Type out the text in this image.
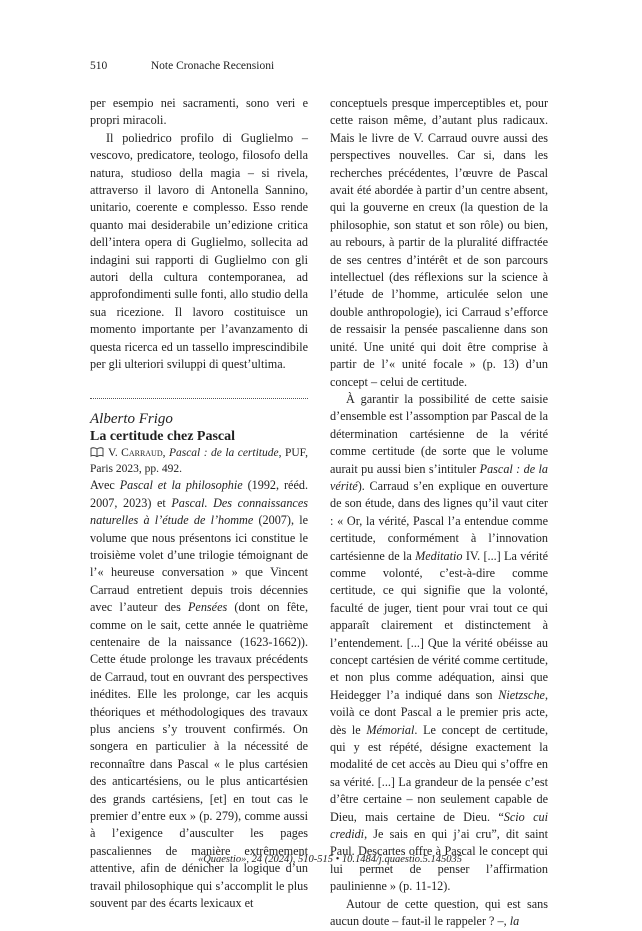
510	Note Cronache Recensioni

per esempio nei sacramenti, sono veri e propri miracoli.

Il poliedrico profilo di Guglielmo – vescovo, predicatore, teologo, filosofo della natura, studioso della magia – si rivela, attraverso il lavoro di Antonella Sannino, unitario, coerente e complesso. Esso rende quanto mai desiderabile un’edizione critica dell’intera opera di Guglielmo, sollecita ad indagini sui rapporti di Guglielmo con gli autori della cultura contemporanea, ad approfondimenti sulle fonti, allo studio della sua ricezione. Il lavoro costituisce un momento importante per l’avanzamento di questa ricerca ed un tassello imprescindibile per gli ulteriori sviluppi di quest’ultima.

Alberto Frigo

La certitude chez Pascal

V. Carraud, Pascal : de la certitude, PUF, Paris 2023, pp. 492.

Avec Pascal et la philosophie (1992, rééd. 2007, 2023) et Pascal. Des connaissances naturelles à l’étude de l’homme (2007), le volume que nous présentons ici constitue le troisième volet d’une trilogie témoignant de l’« heureuse conversation » que Vincent Carraud entretient depuis trois décennies avec l’auteur des Pensées (dont on fête, comme on le sait, cette année le quatrième centenaire de la naissance (1623-1662)). Cette étude prolonge les travaux précédents de Carraud, tout en ouvrant des perspectives inédites. Elle les prolonge, car les acquis théoriques et méthodologiques des travaux plus anciens s’y trouvent confirmés. On songera en particulier à la nécessité de reconnaître dans Pascal « le plus cartésien des anticartésiens, ou le plus anticartésien des grands cartésiens, [et] en tout cas le premier d’entre eux » (p. 279), comme aussi à l’exigence d’ausculter les pages pascaliennes de manière extrêmement attentive, afin de dénicher la logique d’un travail philosophique qui s’accomplit le plus souvent par des écarts lexicaux et

conceptuels presque imperceptibles et, pour cette raison même, d’autant plus radicaux. Mais le livre de V. Carraud ouvre aussi des perspectives nouvelles. Car si, dans les recherches précédentes, l’œuvre de Pascal avait été abordée à partir d’un centre absent, qui la gouverne en creux (la question de la philosophie, son statut et son rôle) ou bien, au rebours, à partir de la pluralité diffractée de ses centres d’intérêt et de son parcours intellectuel (des réflexions sur la science à l’étude de l’homme, articulée selon une double anthropologie), ici Carraud s’efforce de ressaisir la pensée pascalienne dans son unité. Une unité qui doit être comprise à partir de l’« unité focale » (p. 13) d’un concept – celui de certitude.

À garantir la possibilité de cette saisie d’ensemble est l’assomption par Pascal de la détermination cartésienne de la vérité comme certitude (de sorte que le volume aurait pu aussi bien s’intituler Pascal : de la vérité). Carraud s’en explique en ouverture de son étude, dans des lignes qu’il vaut citer : « Or, la vérité, Pascal l’a entendue comme certitude, conformément à l’innovation cartésienne de la Meditatio IV. [...] La vérité comme volonté, c’est-à-dire comme certitude, ce qui signifie que la volonté, faculté de juger, tient pour vrai tout ce qui apparaît clairement et distinctement à l’entendement. [...] Que la vérité obéisse au concept cartésien de vérité comme certitude, et non plus comme adéquation, ainsi que Heidegger l’a indiqué dans son Nietzsche, voilà ce dont Pascal a le premier pris acte, dès le Mémorial. Le concept de certitude, qui y est répété, désigne exactement la modalité de cet accès au Dieu qui s’offre en sa vérité. [...] La grandeur de la pensée c’est d’être certaine – non seulement capable de Dieu, mais certaine de Dieu. “Scio cui credidi, Je sais en qui j’ai cru”, dit saint Paul. Descartes offre à Pascal le concept qui lui permet de penser l’affirmation paulinienne » (p. 11-12).

Autour de cette question, qui est sans aucun doute – faut-il le rappeler ? –, la

«Quaestio», 24 (2024), 510-515 • 10.1484/j.quaestio.5.145035
